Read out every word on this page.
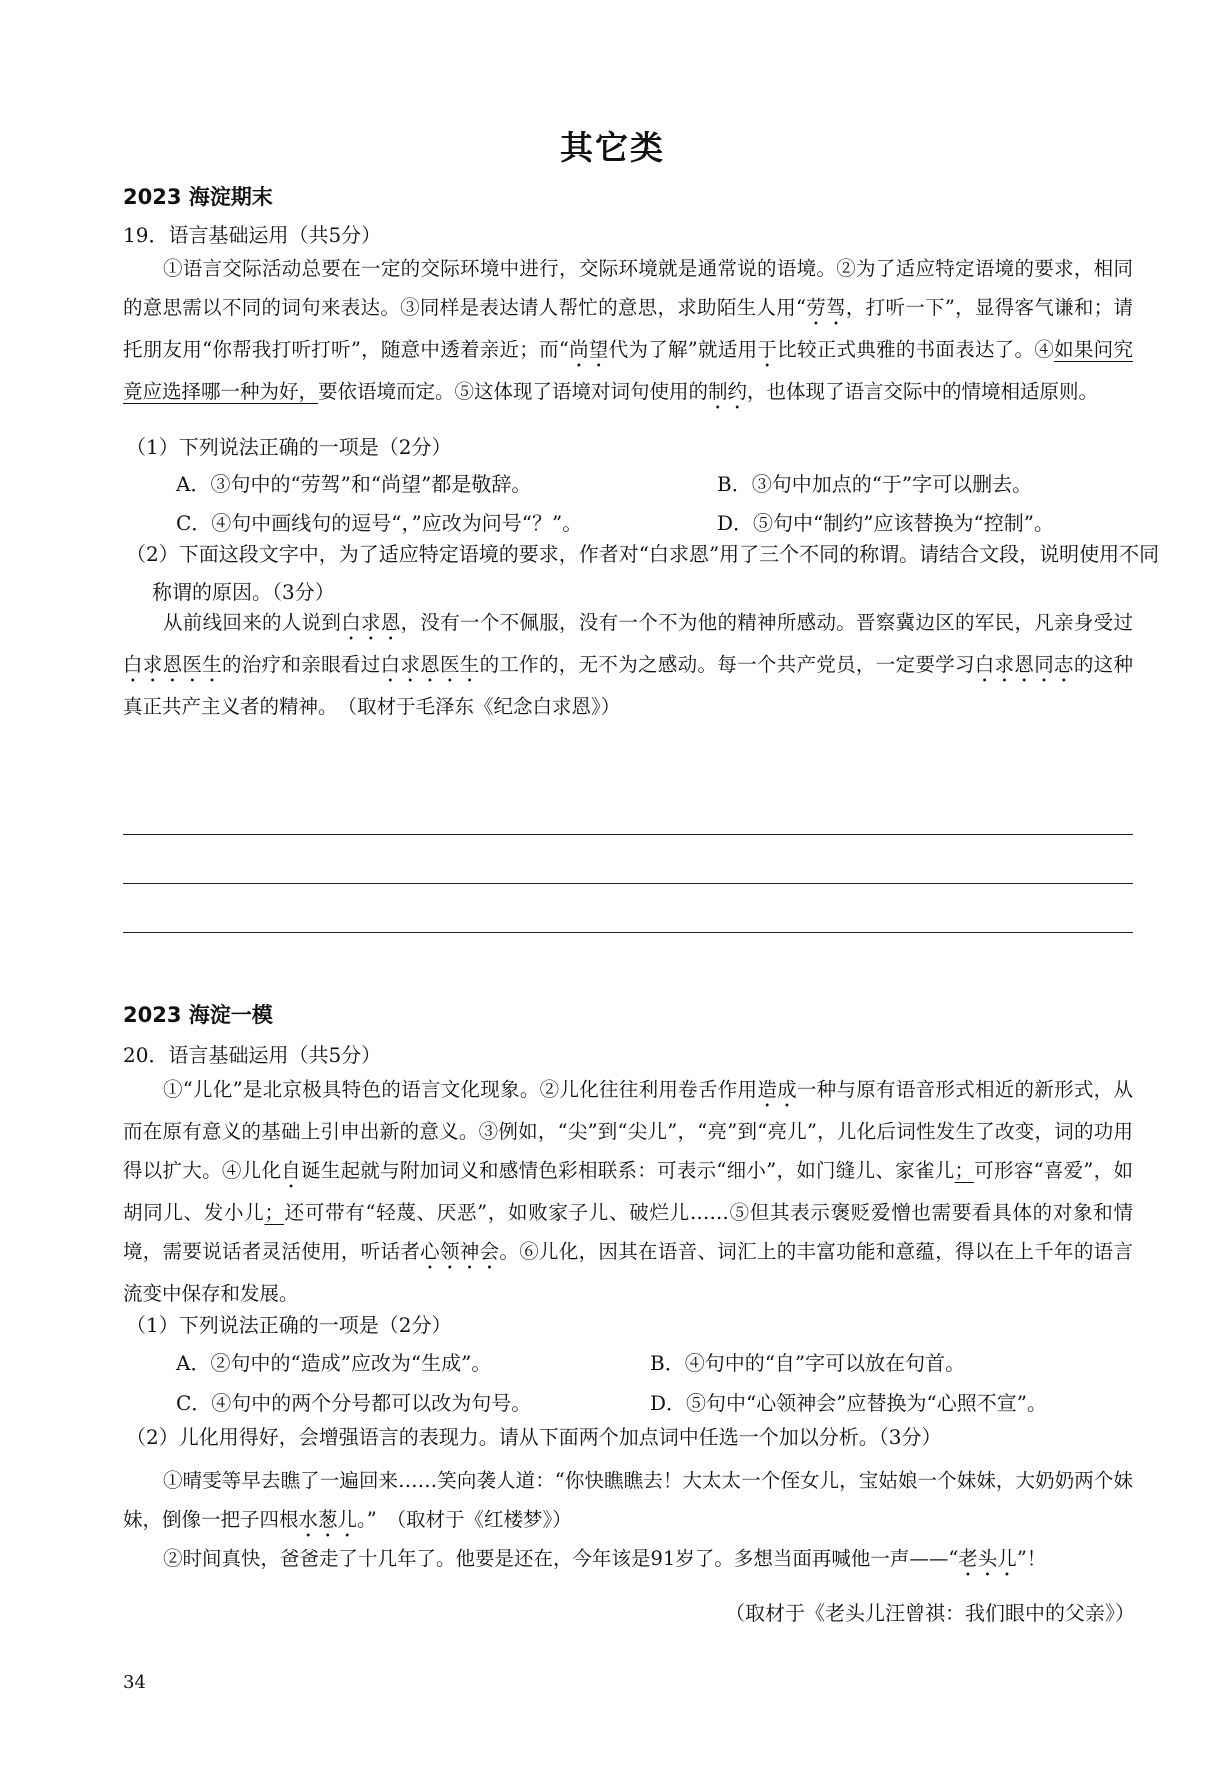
其它类
2023 海淀期末
19．语言基础运用（共5分）
①语言交际活动总要在一定的交际环境中进行，交际环境就是通常说的语境。②为了适应特定语境的要求，相同的意思需以不同的词句来表达。③同样是表达请人帮忙的意思，求助陌生人用“劳驾，打听一下”，显得客气谦和；请托朋友用“你帮我打听打听”，随意中透着亲近；而“尚望代为了解”就适用于比较正式典雅的书面表达了。④如果问究竟应选择哪一种为好，要依语境而定。⑤这体现了语境对词句使用的制约，也体现了语言交际中的情境相适原则。
（1）下列说法正确的一项是（2分）
A．③句中的“劳驾”和“尚望”都是敬辞。	B．③句中加点的“于”字可以删去。
C．④句中画线句的逗号“，”应改为问号“？”。	D．⑤句中“制约”应该替换为“控制”。
（2）下面这段文字中，为了适应特定语境的要求，作者对“白求恩”用了三个不同的称谓。请结合文段，说明使用不同称谓的原因。（3分）
从前线回来的人说到白求恩，没有一个不佩服，没有一个不为他的精神所感动。晋察冀边区的军民，凡亲身受过白求恩医生的治疗和亲眼看过白求恩医生的工作的，无不为之感动。每一个共产党员，一定要学习白求恩同志的这种真正共产主义者的精神。　（取材于毛泽东《纪念白求恩》）
2023 海淀一模
20．语言基础运用（共5分）
①“儿化”是北京极具特色的语言文化现象。②儿化往往利用卷舌作用造成一种与原有语音形式相近的新形式，从而在原有意义的基础上引申出新的意义。③例如，“尖”到“尖儿”，“亮”到“亮儿”，儿化后词性发生了改变，词的功用得以扩大。④儿化自诞生起就与附加词义和感情色彩相联系：可表示“细小”，如门缝儿、家雀儿；可形容“喜爱”，如胡同儿、发小儿；还可带有“轻蔑、厌恶”，如败家子儿、破烂儿……⑤但其表示褒贬爱憎也需要看具体的对象和情境，需要说话者灵活使用，听话者心领神会。⑥儿化，因其在语音、词汇上的丰富功能和意蕴，得以在上千年的语言流变中保存和发展。
（1）下列说法正确的一项是（2分）
A．②句中的“造成”应改为“生成”。	B．④句中的“自”字可以放在句首。
C．④句中的两个分号都可以改为句号。	D．⑤句中“心领神会”应替换为“心照不宣”。
（2）儿化用得好，会增强语言的表现力。请从下面两个加点词中任选一个加以分析。（3分）
①晴雯等早去瞧了一遍回来……笑向袭人道：“你快瞧瞧去！大太太一个侄女儿，宝姑娘一个妹妹，大奶奶两个妹妹，倒像一把子四根水葱儿。”　（取材于《红楼梦》）
②时间真快，爸爸走了十几年了。他要是还在，今年该是91岁了。多想当面再喊他一声——“老头儿”！
（取材于《老头儿汪曾祺：我们眼中的父亲》）
34
